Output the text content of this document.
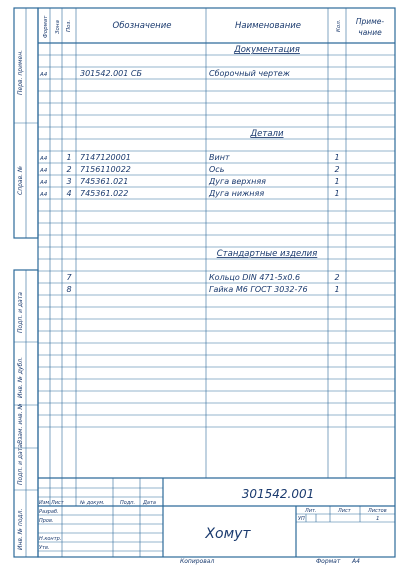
Перв. примен.
Справ. №
Подп. и дата
Инв. № дубл.
Взам. инв. №
Подп. и дата
Инв. № подл.
Формат Зона Поз.	Обозначение	Наименование	Кол. Приме-
чание
Документация
А4	301542.001 СБ	Сборочный чертеж
Детали
А4 1 7147120001	Винт	1
А4 2 7156110022	Ось	2
А4 3 745361.021	Дуга верхняя	1
А4 4 745361.022	Дуга нижняя	1
Стандартные изделия
7	Кольцо DIN 471-5х0.6	2
8	Гайка М6 ГОСТ 3032-76	1
301542.001
Хомут
Изм. Лист	№ докум.	Подп. Дата
Разраб.
Пров.
Н.контр.
Утв.
Лит.	Лист	Листов
УП	1
Копировал	Формат А4
